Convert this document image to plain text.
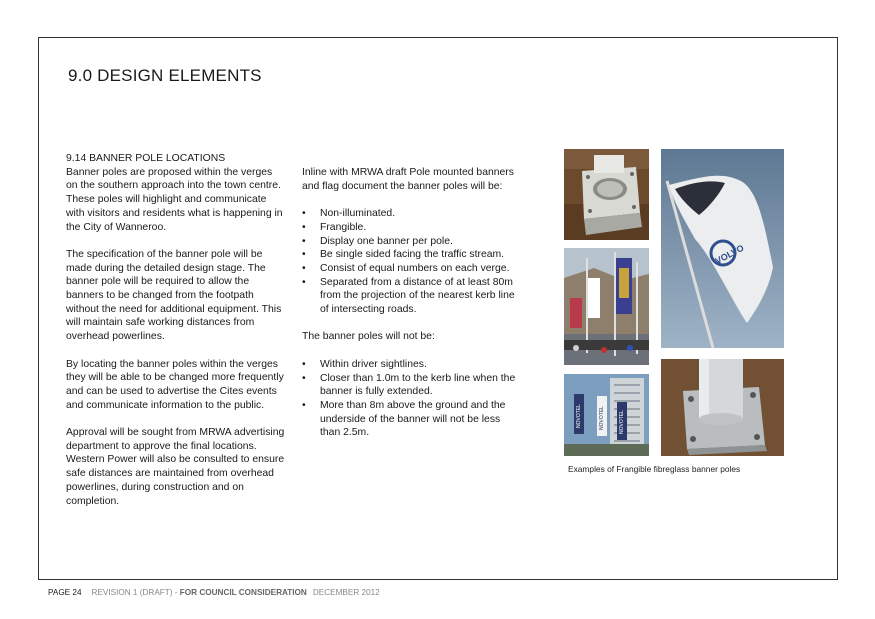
9.0 DESIGN ELEMENTS

9.14 BANNER POLE LOCATIONS

Banner poles are proposed within the verges on the southern approach into the town centre. These poles will highlight and communicate with visitors and residents what is happening in the City of Wanneroo.

The specification of the banner pole will be made during the detailed design stage. The banner pole will be required to allow the banners to be changed from the footpath without the need for additional equipment. This will maintain safe working distances from overhead powerlines.

By locating the banner poles within the verges they will be able to be changed more frequently and can be used to advertise the Cites events and communicate information to the public.

Approval will be sought from MRWA advertising department to approve the final locations. Western Power will also be consulted to ensure safe distances are maintained from overhead powerlines, during construction and on completion.

Inline with MRWA draft Pole mounted banners and flag document the banner poles will be:

• Non-illuminated.
• Frangible.
• Display one banner per pole.
• Be single sided facing the traffic stream.
• Consist of equal numbers on each verge.
• Separated from a distance of at least 80m from the projection of the nearest kerb line of intersecting roads.

The banner poles will not be:

• Within driver sightlines.
• Closer than 1.0m to the kerb line when the banner is fully extended.
• More than 8m above the ground and the underside of the banner will not be less than 2.5m.
NOVOTEL	NOVOTEL	NOVOTEL
VOLVO
Examples of Frangible fibreglass banner poles
PAGE 24 REVISION 1 (DRAFT) - FOR COUNCIL CONSIDERATION DECEMBER 2012
